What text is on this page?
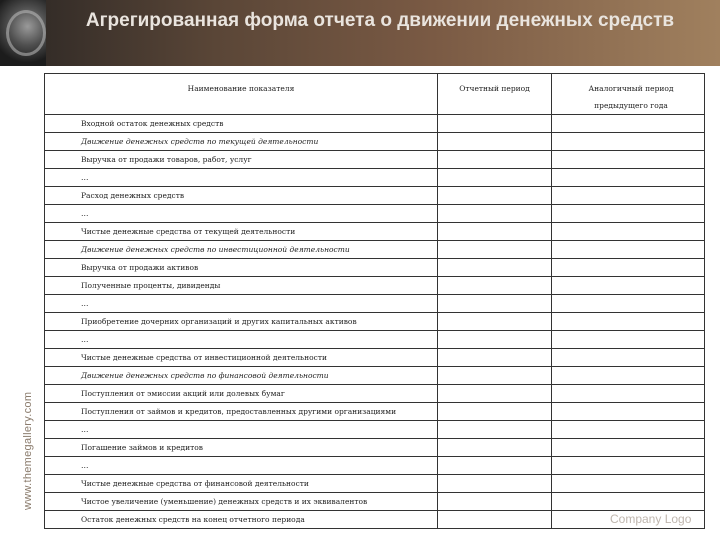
Агрегированная форма отчета о движении денежных средств
www.themegallery.com
Наименование показателя	Отчетный период	Аналогичный период предыдущего года

Входной остаток денежных средств		
Движение денежных средств по текущей деятельности		
Выручка от продажи товаров, работ, услуг		
…		
Расход денежных средств		
…		
Чистые денежные средства от текущей деятельности		
Движение денежных средств по инвестиционной деятельности		
Выручка от продажи активов		
Полученные проценты, дивиденды		
…		
Приобретение дочерних организаций и других капитальных активов		
…		
Чистые денежные средства от инвестиционной деятельности		
Движение денежных средств по финансовой деятельности		
Поступления от эмиссии акций или долевых бумаг		
Поступления от займов и кредитов, предоставленных другими организациями		
…		
Погашение займов и кредитов		
…		
Чистые денежные средства от финансовой деятельности		
Чистое увеличение (уменьшение) денежных средств и их эквивалентов		
Остаток денежных средств на конец отчетного периода			Company Logo
